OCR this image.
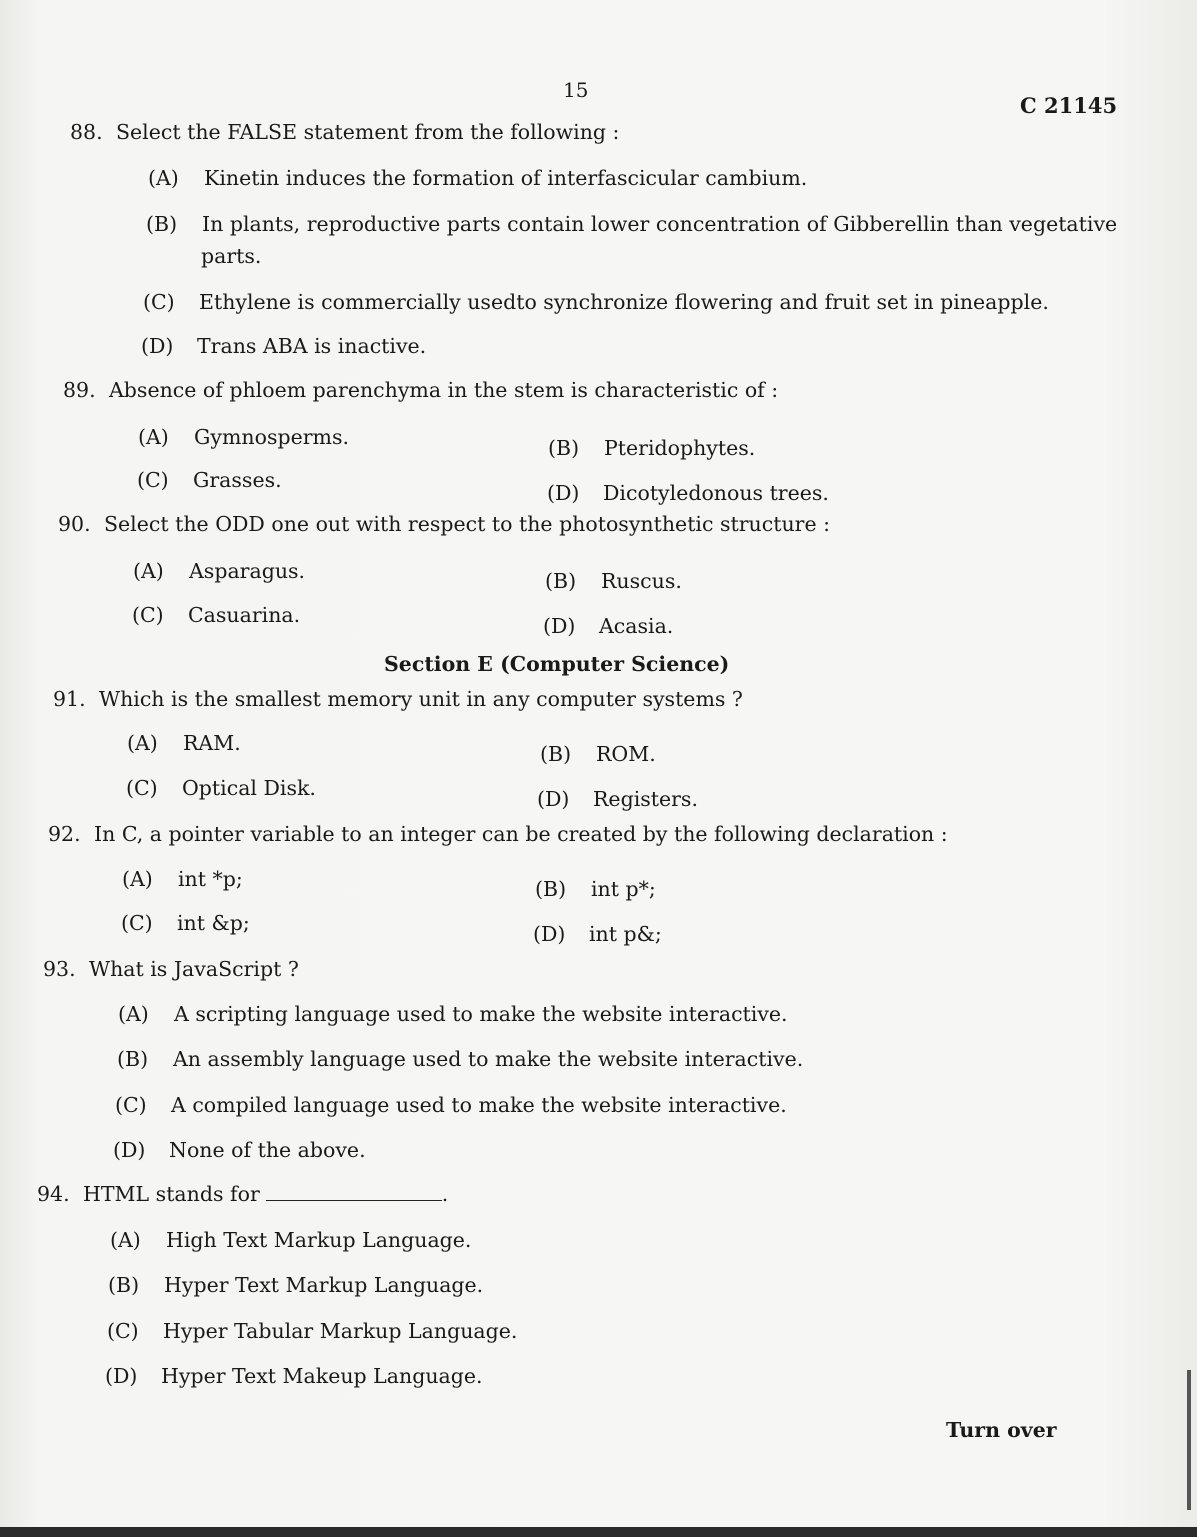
15
C 21145
88. Select the FALSE statement from the following :
(A) Kinetin induces the formation of interfascicular cambium.
(B) In plants, reproductive parts contain lower concentration of Gibberellin than vegetative
parts.
(C) Ethylene is commercially usedto synchronize flowering and fruit set in pineapple.
(D) Trans ABA is inactive.
89. Absence of phloem parenchyma in the stem is characteristic of :
(A) Gymnosperms.	(B) Pteridophytes.
(C) Grasses.
(D) Dicotyledonous trees.
90. Select the ODD one out with respect to the photosynthetic structure :
(A) Asparagus.	(B) Ruscus.
(C) Casuarina.	(D) Acasia.
Section E (Computer Science)
91. Which is the smallest memory unit in any computer systems ?
(A) RAM.	(B) ROM.
(C) Optical Disk.	(D) Registers.
92. In C, a pointer variable to an integer can be created by the following declaration :
(A) int *p;	(B) int p*;
(C) int &p;	(D) int p&;
93. What is JavaScript ?
(A) A scripting language used to make the website interactive.
(B) An assembly language used to make the website interactive.
(C) A compiled language used to make the website interactive.
(D) None of the above.
94. HTML stands for	.
(A) High Text Markup Language.
(B) Hyper Text Markup Language.
(C) Hyper Tabular Markup Language.
(D) Hyper Text Makeup Language.
Turn over
